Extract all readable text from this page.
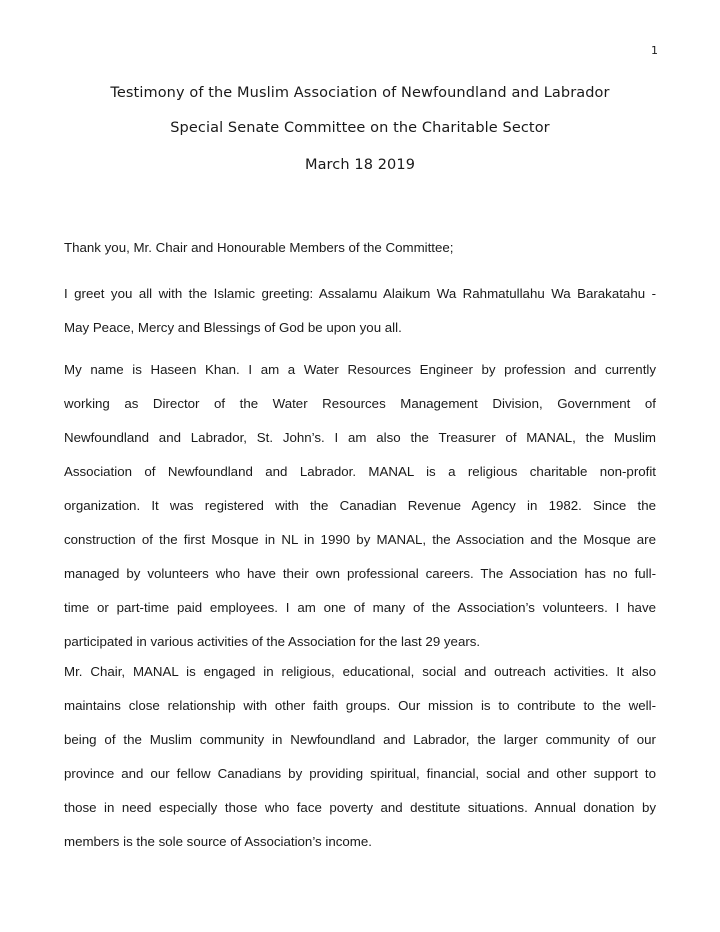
1
Testimony of the Muslim Association of Newfoundland and Labrador
Special Senate Committee on the Charitable Sector
March 18 2019
Thank you, Mr. Chair and Honourable Members of the Committee;
I greet you all with the Islamic greeting: Assalamu Alaikum Wa Rahmatullahu Wa Barakatahu -
May Peace, Mercy and Blessings of God be upon you all.
My name is Haseen Khan. I am a Water Resources Engineer by profession and currently
working as Director of the Water Resources Management Division, Government of
Newfoundland and Labrador, St. John’s. I am also the Treasurer of MANAL, the Muslim
Association of Newfoundland and Labrador. MANAL is a religious charitable non-profit
organization. It was registered with the Canadian Revenue Agency in 1982. Since the
construction of the first Mosque in NL in 1990 by MANAL, the Association and the Mosque are
managed by volunteers who have their own professional careers. The Association has no full-
time or part-time paid employees. I am one of many of the Association’s volunteers. I have
participated in various activities of the Association for the last 29 years.
Mr. Chair, MANAL is engaged in religious, educational, social and outreach activities. It also
maintains close relationship with other faith groups. Our mission is to contribute to the well-
being of the Muslim community in Newfoundland and Labrador, the larger community of our
province and our fellow Canadians by providing spiritual, financial, social and other support to
those in need especially those who face poverty and destitute situations. Annual donation by
members is the sole source of Association’s income.
